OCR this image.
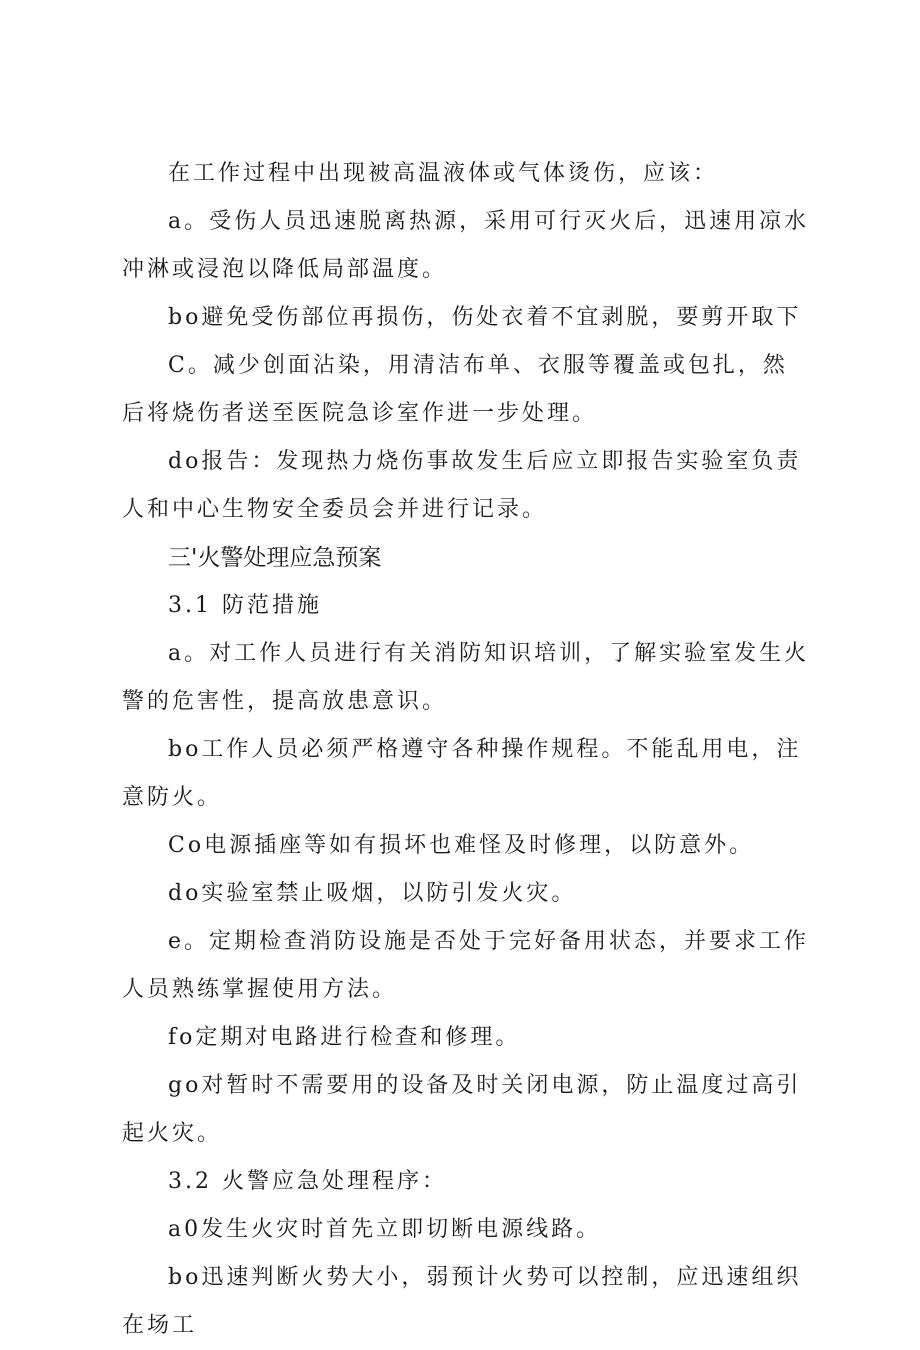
在工作过程中出现被高温液体或气体烫伤，应该：

a。受伤人员迅速脱离热源，采用可行灭火后，迅速用凉水冲淋或浸泡以降低局部温度。

bo避免受伤部位再损伤，伤处衣着不宜剥脱，要剪开取下

C。减少创面沾染，用清洁布单、衣服等覆盖或包扎，然后将烧伤者送至医院急诊室作进一步处理。

do报告：发现热力烧伤事故发生后应立即报告实验室负责人和中心生物安全委员会并进行记录。

三'火警处理应急预案

3.1 防范措施

a。对工作人员进行有关消防知识培训，了解实验室发生火警的危害性，提高放患意识。

bo工作人员必须严格遵守各种操作规程。不能乱用电，注意防火。

Co电源插座等如有损坏也难怪及时修理，以防意外。

do实验室禁止吸烟，以防引发火灾。

e。定期检查消防设施是否处于完好备用状态，并要求工作人员熟练掌握使用方法。

fo定期对电路进行检查和修理。

go对暂时不需要用的设备及时关闭电源，防止温度过高引起火灾。

3.2 火警应急处理程序：

a0发生火灾时首先立即切断电源线路。

bo迅速判断火势大小，弱预计火势可以控制，应迅速组织在场工
